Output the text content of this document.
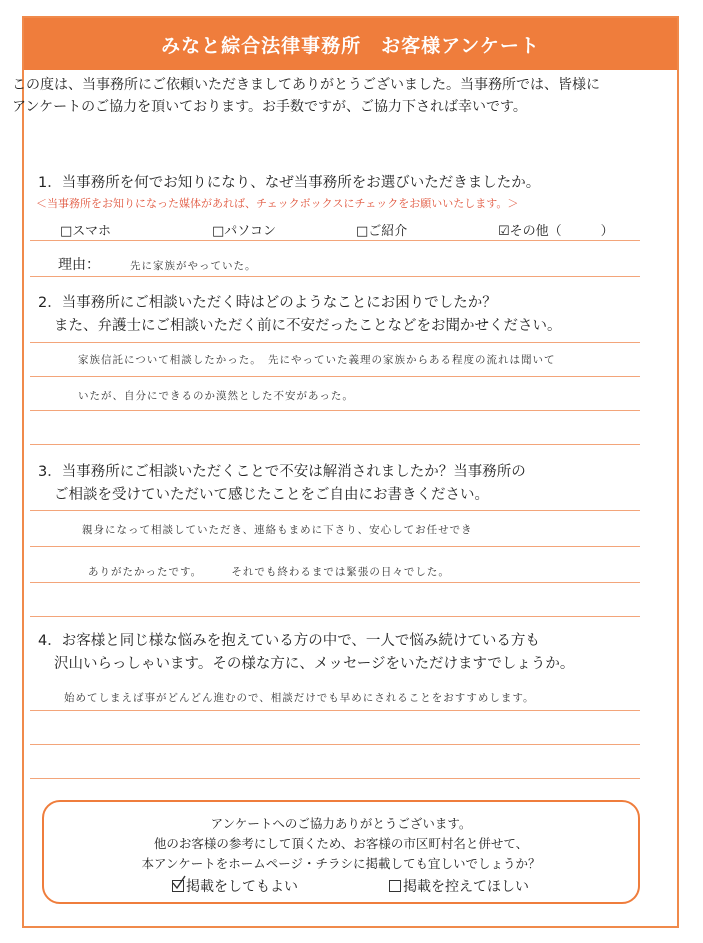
みなと綜合法律事務所　お客様アンケート
この度は、当事務所にご依頼いただきましてありがとうございました。当事務所では、皆様に
アンケートのご協力を頂いております。お手数ですが、ご協力下されば幸いです。
1．当事務所を何でお知りになり、なぜ当事務所をお選びいただきましたか。
＜当事務所をお知りになった媒体があれば、チェックボックスにチェックをお願いいたします。＞
□スマホ	□パソコン	□ご紹介	☑その他（　　　）
理由：	先に家族がやっていた。
2．当事務所にご相談いただく時はどのようなことにお困りでしたか？
また、弁護士にご相談いただく前に不安だったことなどをお聞かせください。
家族信託について相談したかった。　先にやっていた義理の家族からある程度の流れは聞いて
いたが、自分にできるのか漠然とした不安があった。
3．当事務所にご相談いただくことで不安は解消されましたか？当事務所の
ご相談を受けていただいて感じたことをご自由にお書きください。
親身になって相談していただき、連絡もまめに下さり、安心してお任せでき
ありがたかったです。　　　それでも終わるまでは緊張の日々でした。
4．お客様と同じ様な悩みを抱えている方の中で、一人で悩み続けている方も
沢山いらっしゃいます。その様な方に、メッセージをいただけますでしょうか。
始めてしまえば事がどんどん進むので、相談だけでも早めにされることをおすすめします。
アンケートへのご協力ありがとうございます。
他のお客様の参考にして頂くため、お客様の市区町村名と併せて、
本アンケートをホームページ・チラシに掲載しても宜しいでしょうか？
掲載をしてもよい	掲載を控えてほしい
